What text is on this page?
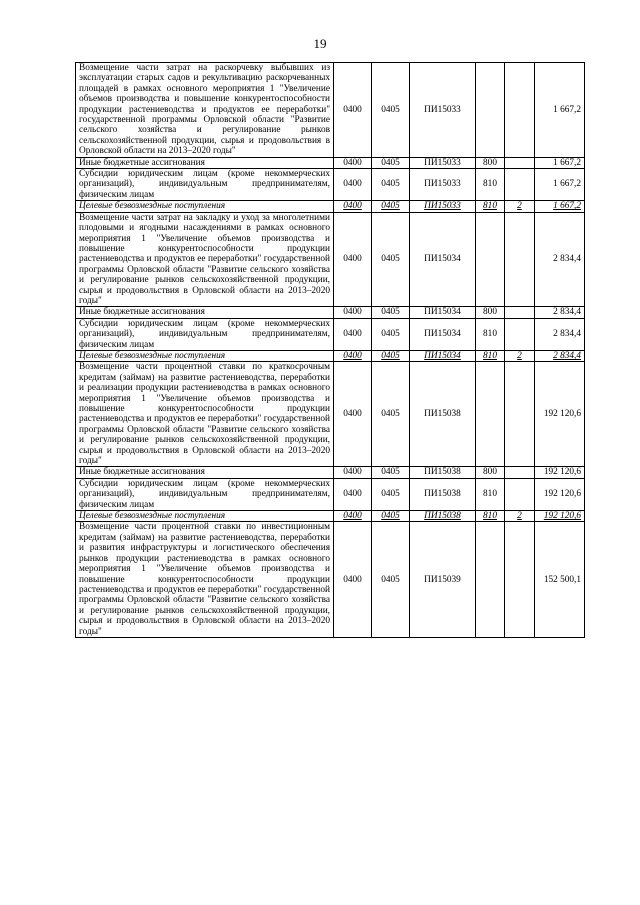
19
Возмещение части затрат на раскорчевку выбывших из эксплуатации старых садов и рекультивацию раскорчеванных площадей в рамках основного мероприятия 1 "Увеличение объемов производства и повышение конкурентоспособности продукции растениеводства и продуктов ее переработки" государственной программы Орловской области "Развитие сельского хозяйства и регулирование рынков сельскохозяйственной продукции, сырья и продовольствия в Орловской области на 2013–2020 годы"	0400	0405	ПИ15033			1 667,2
Иные бюджетные ассигнования	0400	0405	ПИ15033	800		1 667,2
Субсидии юридическим лицам (кроме некоммерческих организаций), индивидуальным предпринимателям, физическим лицам	0400	0405	ПИ15033	810		1 667,2
Целевые безвозмездные поступления	0400	0405	ПИ15033	810	2	1 667,2
Возмещение части затрат на закладку и уход за многолетними плодовыми и ягодными насаждениями в рамках основного мероприятия 1 "Увеличение объемов производства и повышение конкурентоспособности продукции растениеводства и продуктов ее переработки" государственной программы Орловской области "Развитие сельского хозяйства и регулирование рынков сельскохозяйственной продукции, сырья и продовольствия в Орловской области на 2013–2020 годы"	0400	0405	ПИ15034			2 834,4
Иные бюджетные ассигнования	0400	0405	ПИ15034	800		2 834,4
Субсидии юридическим лицам (кроме некоммерческих организаций), индивидуальным предпринимателям, физическим лицам	0400	0405	ПИ15034	810		2 834,4
Целевые безвозмездные поступления	0400	0405	ПИ15034	810	2	2 834,4
Возмещение части процентной ставки по краткосрочным кредитам (займам) на развитие растениеводства, переработки и реализации продукции растениеводства в рамках основного мероприятия 1 "Увеличение объемов производства и повышение конкурентоспособности продукции растениеводства и продуктов ее переработки" государственной программы Орловской области "Развитие сельского хозяйства и регулирование рынков сельскохозяйственной продукции, сырья и продовольствия в Орловской области на 2013–2020 годы"	0400	0405	ПИ15038			192 120,6
Иные бюджетные ассигнования	0400	0405	ПИ15038	800		192 120,6
Субсидии юридическим лицам (кроме некоммерческих организаций), индивидуальным предпринимателям, физическим лицам	0400	0405	ПИ15038	810		192 120,6
Целевые безвозмездные поступления	0400	0405	ПИ15038	810	2	192 120,6
Возмещение части процентной ставки по инвестиционным кредитам (займам) на развитие растениеводства, переработки и развития инфраструктуры и логистического обеспечения рынков продукции растениеводства в рамках основного мероприятия 1 "Увеличение объемов производства и повышение конкурентоспособности продукции растениеводства и продуктов ее переработки" государственной программы Орловской области "Развитие сельского хозяйства и регулирование рынков сельскохозяйственной продукции, сырья и продовольствия в Орловской области на 2013–2020 годы"	0400	0405	ПИ15039			152 500,1
